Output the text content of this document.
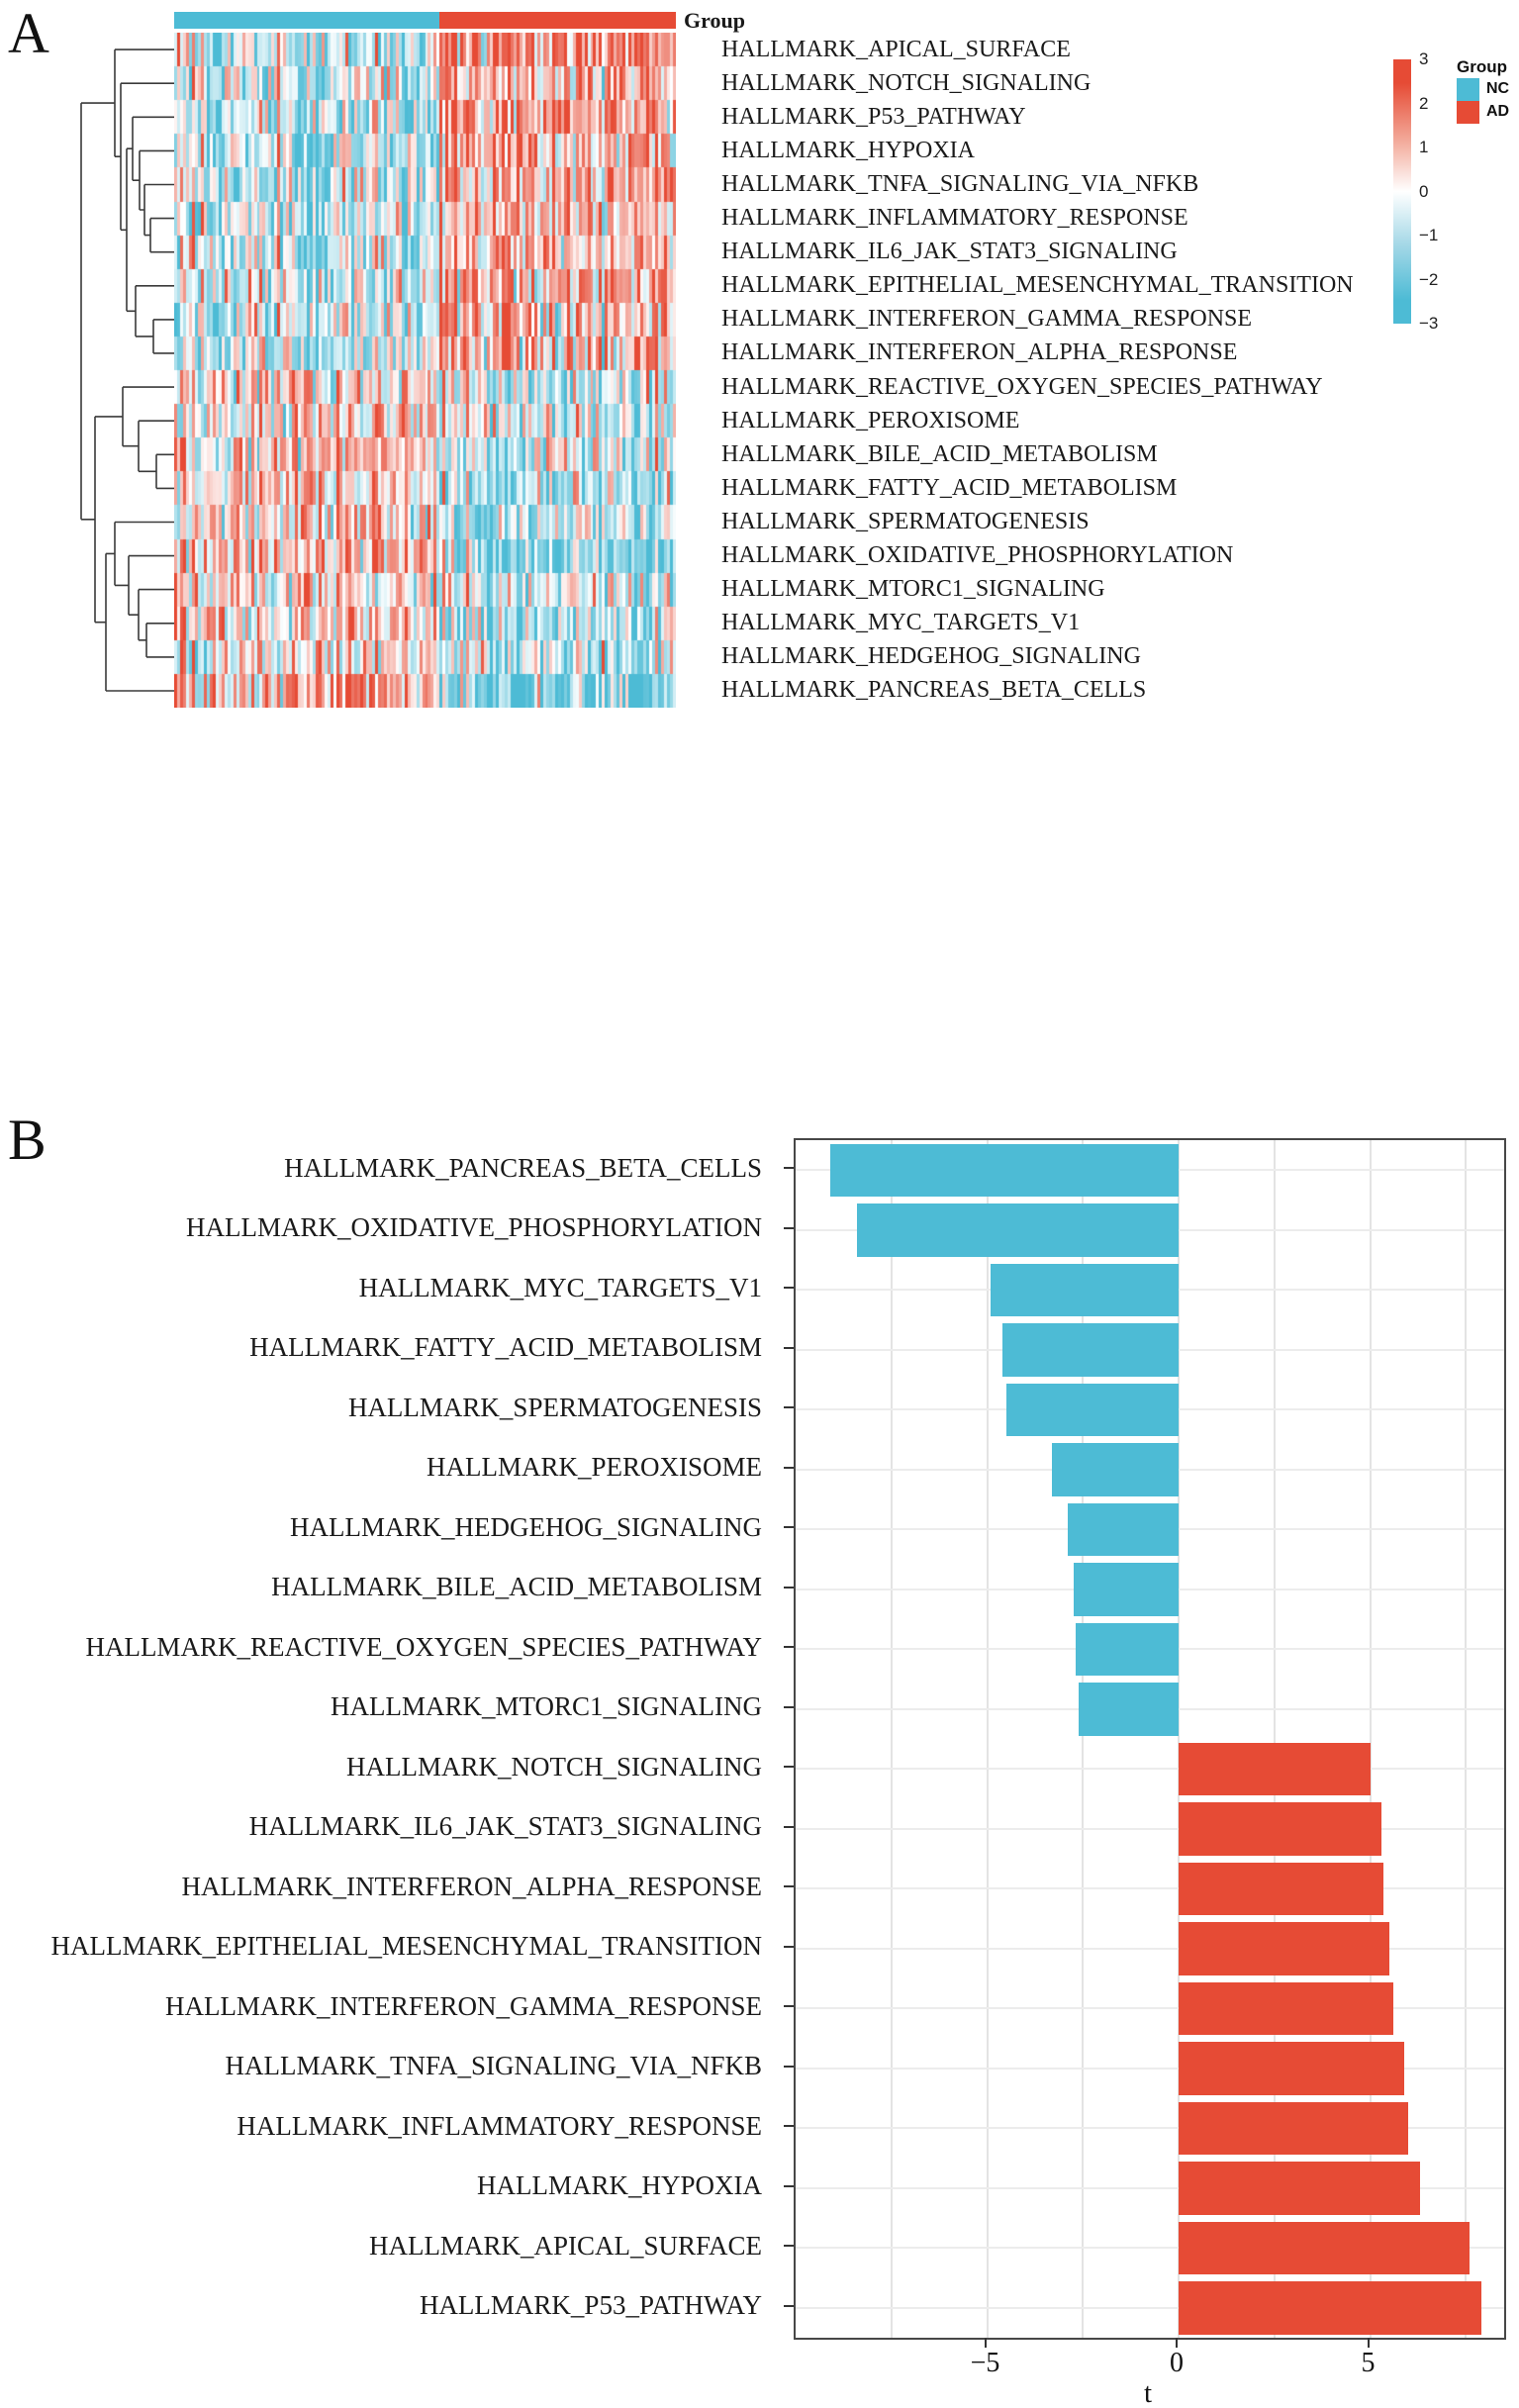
A	Group
HALLMARK_APICAL_SURFACE
HALLMARK_NOTCH_SIGNALING
HALLMARK_P53_PATHWAY
HALLMARK_HYPOXIA
HALLMARK_TNFA_SIGNALING_VIA_NFKB
HALLMARK_INFLAMMATORY_RESPONSE
HALLMARK_IL6_JAK_STAT3_SIGNALING
HALLMARK_EPITHELIAL_MESENCHYMAL_TRANSITION
HALLMARK_INTERFERON_GAMMA_RESPONSE
HALLMARK_INTERFERON_ALPHA_RESPONSE
HALLMARK_REACTIVE_OXYGEN_SPECIES_PATHWAY
HALLMARK_PEROXISOME
HALLMARK_BILE_ACID_METABOLISM
HALLMARK_FATTY_ACID_METABOLISM
HALLMARK_SPERMATOGENESIS
HALLMARK_OXIDATIVE_PHOSPHORYLATION
HALLMARK_MTORC1_SIGNALING
HALLMARK_MYC_TARGETS_V1
HALLMARK_HEDGEHOG_SIGNALING
HALLMARK_PANCREAS_BETA_CELLS
3
2
1
0
−1
−2
−3
Group
NC
AD
B	HALLMARK_PANCREAS_BETA_CELLS
HALLMARK_OXIDATIVE_PHOSPHORYLATION
HALLMARK_MYC_TARGETS_V1
HALLMARK_FATTY_ACID_METABOLISM
HALLMARK_SPERMATOGENESIS
HALLMARK_PEROXISOME
HALLMARK_HEDGEHOG_SIGNALING
HALLMARK_BILE_ACID_METABOLISM
HALLMARK_REACTIVE_OXYGEN_SPECIES_PATHWAY
HALLMARK_MTORC1_SIGNALING
HALLMARK_NOTCH_SIGNALING
HALLMARK_IL6_JAK_STAT3_SIGNALING
HALLMARK_INTERFERON_ALPHA_RESPONSE
HALLMARK_EPITHELIAL_MESENCHYMAL_TRANSITION
HALLMARK_INTERFERON_GAMMA_RESPONSE
HALLMARK_TNFA_SIGNALING_VIA_NFKB
HALLMARK_INFLAMMATORY_RESPONSE
HALLMARK_HYPOXIA
HALLMARK_APICAL_SURFACE
HALLMARK_P53_PATHWAY
−5	0	5
t
